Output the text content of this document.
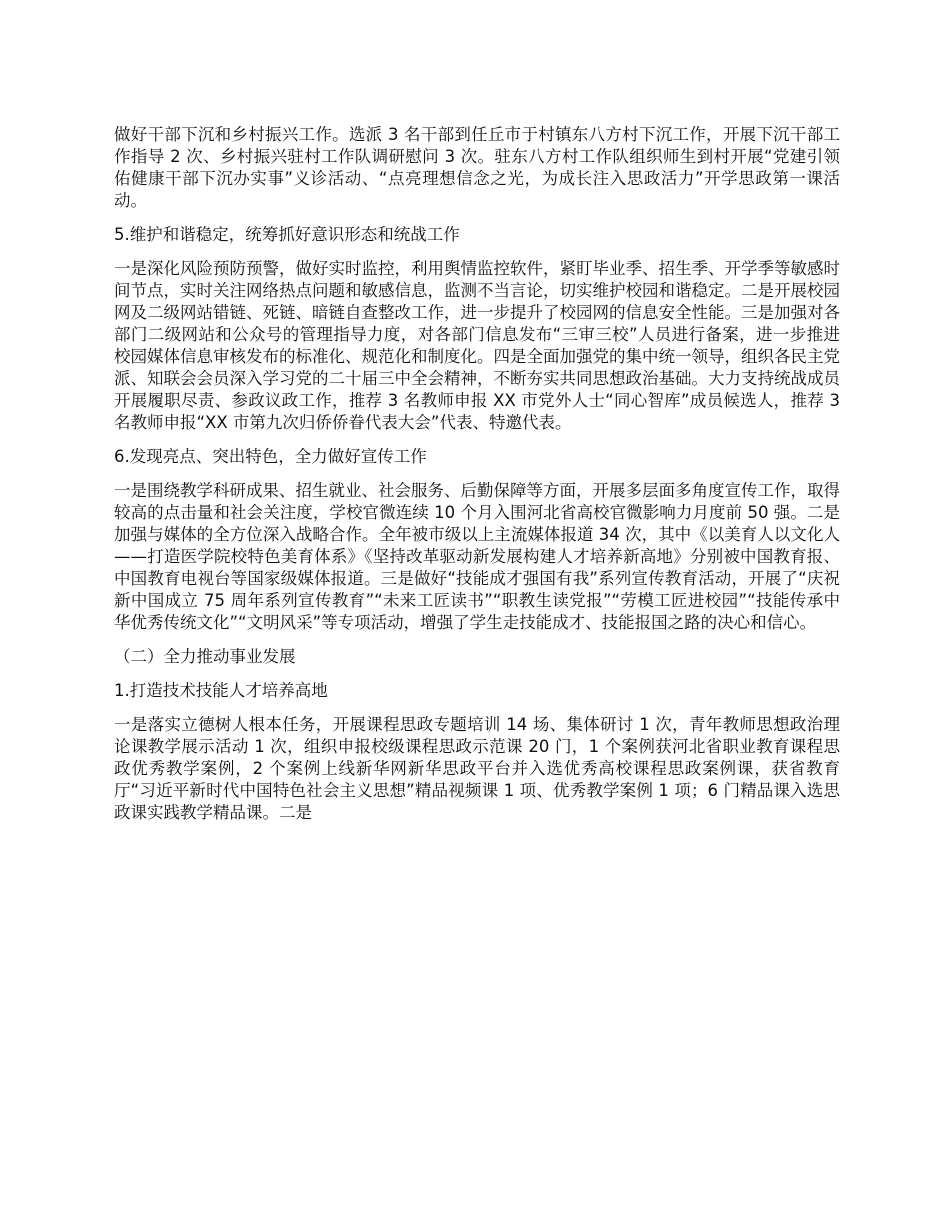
做好干部下沉和乡村振兴工作。选派 3 名干部到任丘市于村镇东八方村下沉工作，开展下沉干部工作指导 2 次、乡村振兴驻村工作队调研慰问 3 次。驻东八方村工作队组织师生到村开展“党建引领佑健康干部下沉办实事”义诊活动、“点亮理想信念之光，为成长注入思政活力”开学思政第一课活动。

5.维护和谐稳定，统筹抓好意识形态和统战工作

一是深化风险预防预警，做好实时监控，利用舆情监控软件，紧盯毕业季、招生季、开学季等敏感时间节点，实时关注网络热点问题和敏感信息，监测不当言论，切实维护校园和谐稳定。二是开展校园网及二级网站错链、死链、暗链自查整改工作，进一步提升了校园网的信息安全性能。三是加强对各部门二级网站和公众号的管理指导力度，对各部门信息发布“三审三校”人员进行备案，进一步推进校园媒体信息审核发布的标准化、规范化和制度化。四是全面加强党的集中统一领导，组织各民主党派、知联会会员深入学习党的二十届三中全会精神，不断夯实共同思想政治基础。大力支持统战成员开展履职尽责、参政议政工作，推荐 3 名教师申报 XX 市党外人士“同心智库”成员候选人，推荐 3 名教师申报“XX 市第九次归侨侨眷代表大会”代表、特邀代表。

6.发现亮点、突出特色，全力做好宣传工作

一是围绕教学科研成果、招生就业、社会服务、后勤保障等方面，开展多层面多角度宣传工作，取得较高的点击量和社会关注度，学校官微连续 10 个月入围河北省高校官微影响力月度前 50 强。二是加强与媒体的全方位深入战略合作。全年被市级以上主流媒体报道 34 次，其中《以美育人以文化人——打造医学院校特色美育体系》《坚持改革驱动新发展构建人才培养新高地》分别被中国教育报、中国教育电视台等国家级媒体报道。三是做好“技能成才强国有我”系列宣传教育活动，开展了“庆祝新中国成立 75 周年系列宣传教育”“未来工匠读书”“职教生读党报”“劳模工匠进校园”“技能传承中华优秀传统文化”“文明风采”等专项活动，增强了学生走技能成才、技能报国之路的决心和信心。

（二）全力推动事业发展

1.打造技术技能人才培养高地

一是落实立德树人根本任务，开展课程思政专题培训 14 场、集体研讨 1 次，青年教师思想政治理论课教学展示活动 1 次，组织申报校级课程思政示范课 20 门，1 个案例获河北省职业教育课程思政优秀教学案例，2 个案例上线新华网新华思政平台并入选优秀高校课程思政案例课，获省教育厅“习近平新时代中国特色社会主义思想”精品视频课 1 项、优秀教学案例 1 项；6 门精品课入选思政课实践教学精品课。二是
